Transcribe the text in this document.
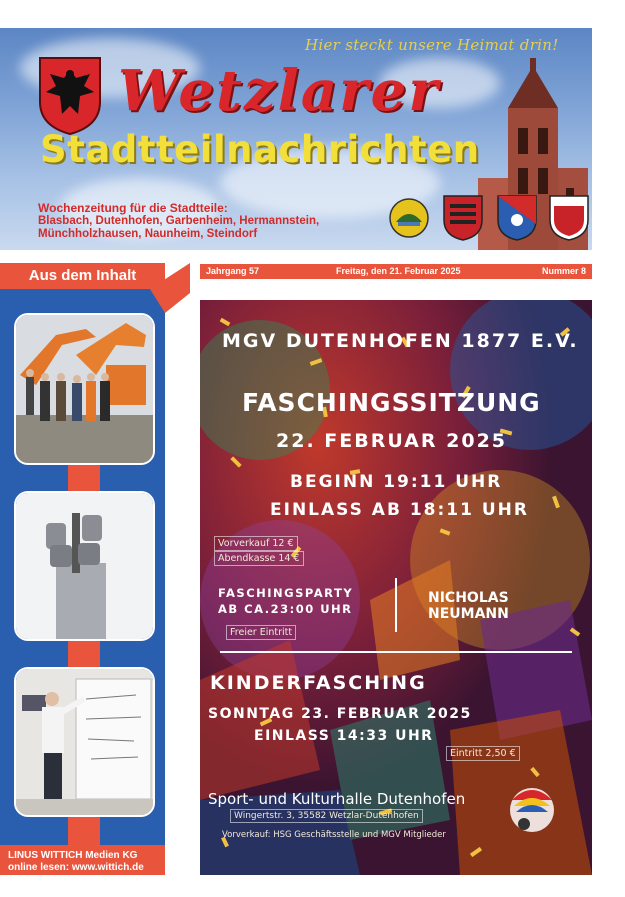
Hier steckt unsere Heimat drin!
Wetzlarer
Stadtteilnachrichten
Wochenzeitung für die Stadtteile:
Blasbach, Dutenhofen, Garbenheim, Hermannstein,
Münchholzhausen, Naunheim, Steindorf
Jahrgang 57	Freitag, den 21. Februar 2025	Nummer 8
Aus dem Inhalt
LINUS WITTICH Medien KG
online lesen: www.wittich.de
MGV DUTENHOFEN 1877 E.V.
FASCHINGSSITZUNG
22. FEBRUAR 2025
BEGINN 19:11 UHR
EINLASS AB 18:11 UHR
Vorverkauf 12 €
Abendkasse 14 €
FASCHINGSPARTY
AB CA.23:00 UHR
Freier Eintritt
NICHOLAS
NEUMANN
KINDERFASCHING
SONNTAG 23. FEBRUAR 2025
EINLASS 14:33 UHR
Eintritt 2,50 €
Sport- und Kulturhalle Dutenhofen
Wingertstr. 3, 35582 Wetzlar-Dutenhofen
Vorverkauf: HSG Geschäftsstelle und MGV Mitglieder
